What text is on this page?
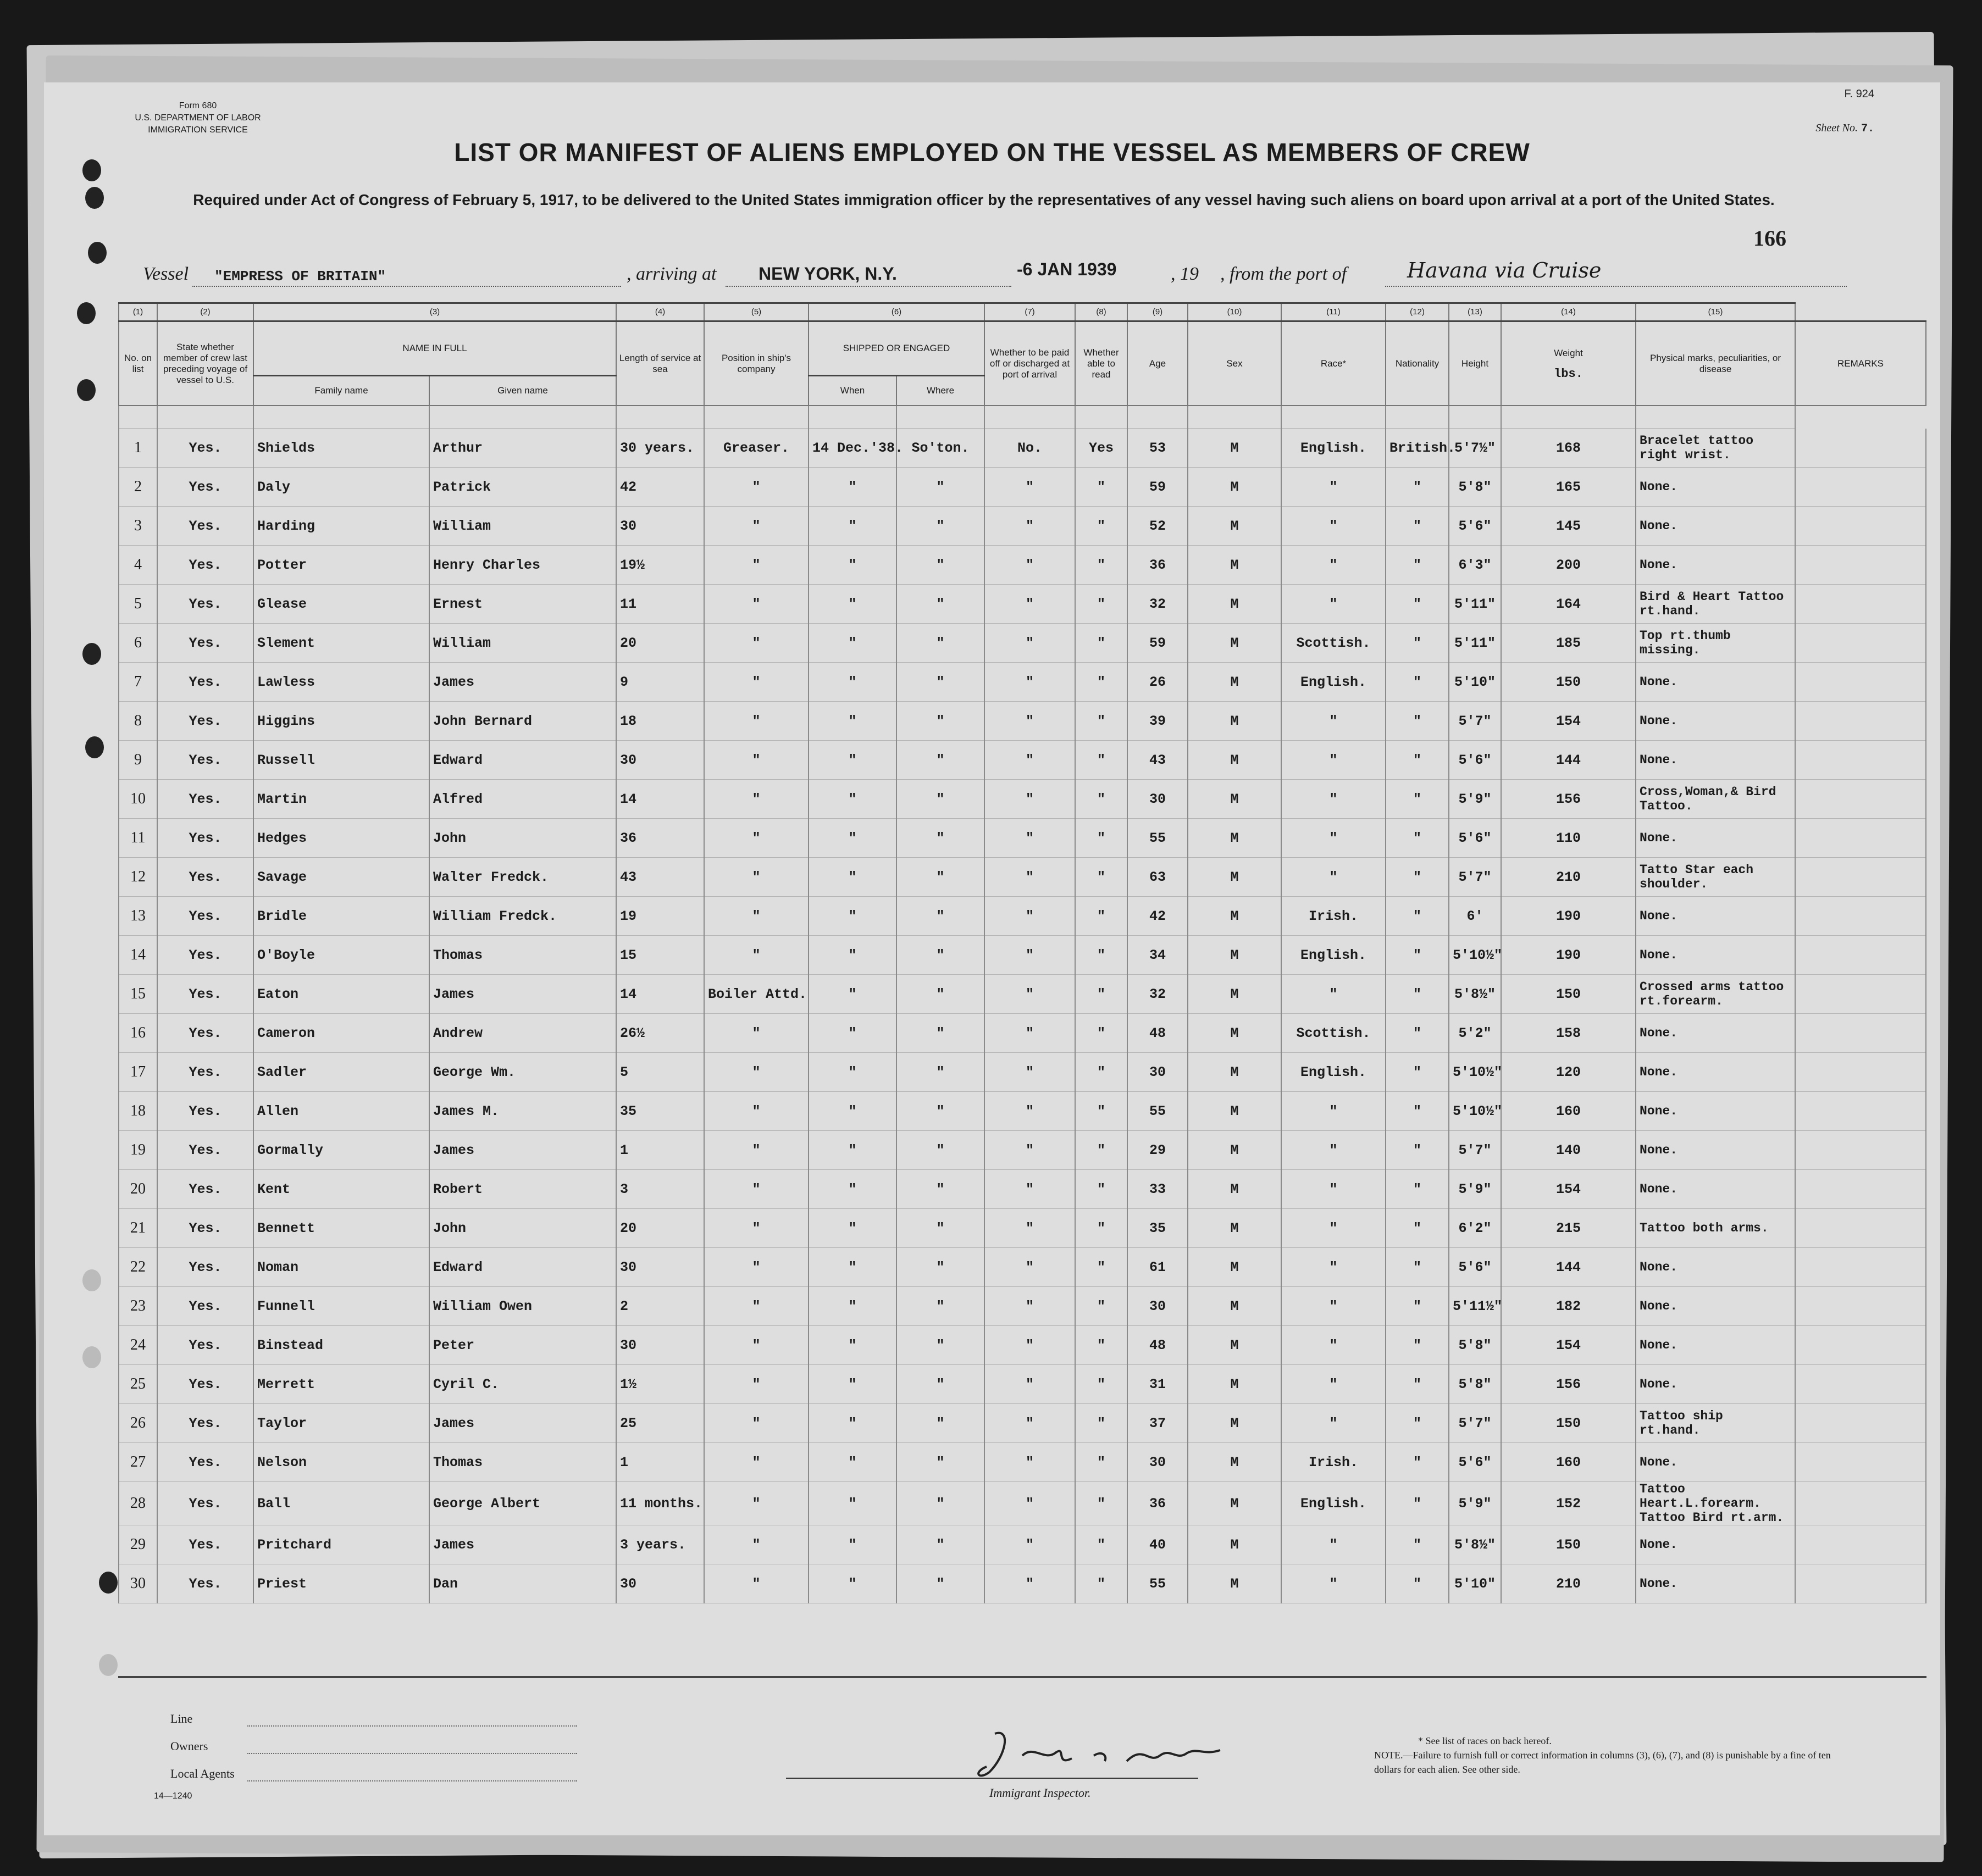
Form 680
U.S. DEPARTMENT OF LABOR
IMMIGRATION SERVICE
F. 924
Sheet No. 7.
LIST OR MANIFEST OF ALIENS EMPLOYED ON THE VESSEL AS MEMBERS OF CREW
Required under Act of Congress of February 5, 1917, to be delivered to the United States immigration officer by the representatives of any vessel having such aliens on board upon arrival at a port of the United States.
166
Vessel "EMPRESS OF BRITAIN"	, arriving at NEW YORK, N.Y.	-6 JAN 1939	, 19 , from the port of	Havana via Cruise
(1)	(2)	(3)		(4)	(5)	(6)		(7)	(8)	(9)	(10)	(11)	(12)	(13)	(14)	(15)	
No. on list	State whether member of crew last preceding voyage of vessel to U.S.	NAME IN FULL		Length of service at sea	Position in ship's company	SHIPPED OR ENGAGED		Whether to be paid off or discharged at port of arrival	Whether able to read	Age	Sex	Race*	Nationality	Height	Weight
lbs.	Physical marks, peculiarities, or disease	REMARKS
		Family name	Given name			When	Where										

1	Yes.	Shields	Arthur	30 years.	Greaser.	14 Dec.'38.	So'ton.	No.	Yes	53	M	English.	British.	5'7½"	168	Bracelet tattoo right wrist.	
2	Yes.	Daly	Patrick	42	"	"	"	"	"	59	M	"	"	5'8"	165	None.	
3	Yes.	Harding	William	30	"	"	"	"	"	52	M	"	"	5'6"	145	None.	
4	Yes.	Potter	Henry Charles	19½	"	"	"	"	"	36	M	"	"	6'3"	200	None.	
5	Yes.	Glease	Ernest	11	"	"	"	"	"	32	M	"	"	5'11"	164	Bird & Heart Tattoo rt.hand.	
6	Yes.	Slement	William	20	"	"	"	"	"	59	M	Scottish.	"	5'11"	185	Top rt.thumb missing.	
7	Yes.	Lawless	James	9	"	"	"	"	"	26	M	English.	"	5'10"	150	None.	
8	Yes.	Higgins	John Bernard	18	"	"	"	"	"	39	M	"	"	5'7"	154	None.	
9	Yes.	Russell	Edward	30	"	"	"	"	"	43	M	"	"	5'6"	144	None.	
10	Yes.	Martin	Alfred	14	"	"	"	"	"	30	M	"	"	5'9"	156	Cross,Woman,& Bird Tattoo.	
11	Yes.	Hedges	John	36	"	"	"	"	"	55	M	"	"	5'6"	110	None.	
12	Yes.	Savage	Walter Fredck.	43	"	"	"	"	"	63	M	"	"	5'7"	210	Tatto Star each shoulder.	
13	Yes.	Bridle	William Fredck.	19	"	"	"	"	"	42	M	Irish.	"	6'	190	None.	
14	Yes.	O'Boyle	Thomas	15	"	"	"	"	"	34	M	English.	"	5'10½"	190	None.	
15	Yes.	Eaton	James	14	Boiler Attd.	"	"	"	"	32	M	"	"	5'8½"	150	Crossed arms tattoo rt.forearm.	
16	Yes.	Cameron	Andrew	26½	"	"	"	"	"	48	M	Scottish.	"	5'2"	158	None.	
17	Yes.	Sadler	George Wm.	5	"	"	"	"	"	30	M	English.	"	5'10½"	120	None.	
18	Yes.	Allen	James M.	35	"	"	"	"	"	55	M	"	"	5'10½"	160	None.	
19	Yes.	Gormally	James	1	"	"	"	"	"	29	M	"	"	5'7"	140	None.	
20	Yes.	Kent	Robert	3	"	"	"	"	"	33	M	"	"	5'9"	154	None.	
21	Yes.	Bennett	John	20	"	"	"	"	"	35	M	"	"	6'2"	215	Tattoo both arms.	
22	Yes.	Noman	Edward	30	"	"	"	"	"	61	M	"	"	5'6"	144	None.	
23	Yes.	Funnell	William Owen	2	"	"	"	"	"	30	M	"	"	5'11½"	182	None.	
24	Yes.	Binstead	Peter	30	"	"	"	"	"	48	M	"	"	5'8"	154	None.	
25	Yes.	Merrett	Cyril C.	1½	"	"	"	"	"	31	M	"	"	5'8"	156	None.	
26	Yes.	Taylor	James	25	"	"	"	"	"	37	M	"	"	5'7"	150	Tattoo ship rt.hand.	
27	Yes.	Nelson	Thomas	1	"	"	"	"	"	30	M	Irish.	"	5'6"	160	None.	
28	Yes.	Ball	George Albert	11 months.	"	"	"	"	"	36	M	English.	"	5'9"	152	Tattoo Heart.L.forearm. Tattoo Bird rt.arm.	
29	Yes.	Pritchard	James	3 years.	"	"	"	"	"	40	M	"	"	5'8½"	150	None.	
30	Yes.	Priest	Dan	30	"	"	"	"	"	55	M	"	"	5'10"	210	None.	
Line
Owners
Local Agents
14—1240	Immigrant Inspector.
* See list of races on back hereof.
NOTE.—Failure to furnish full or correct information in columns (3), (6), (7), and (8) is punishable by a fine of ten dollars for each alien. See other side.
